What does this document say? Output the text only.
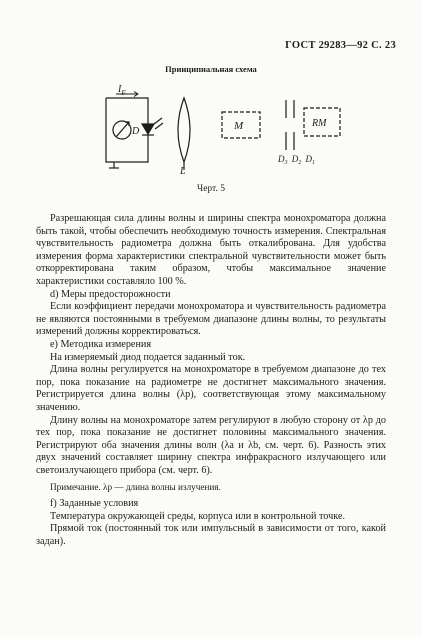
ГОСТ 29283—92 С. 23
Принципиальная схема
$I_F$
D
L
M	RM
$D_3$ $D_2$ $D_1$
Черт. 5

Разрешающая сила длины волны и ширины спектра монохроматора должна быть такой, чтобы обеспечить необходимую точность измерения. Спектральная чувствительность радиометра должна быть откалиброванa. Для удобства измерения форма характеристики спектральной чувствительности может быть откорректирована таким образом, чтобы максимальное значение характеристики составляло 100 %.

d) Меры предосторожности

Если коэффициент передачи монохроматора и чувствительность радиометра не являются постоянными в требуемом диапазоне длины волны, то результаты измерений должны корректироваться.

e) Методика измерения

На измеряемый диод подается заданный ток.

Длина волны регулируется на монохроматоре в требуемом диапазоне до тех пор, пока показание на радиометре не достигнет максимального значения. Регистрируется длина волны (λp), соответствующая этому максимальному значению.

Длину волны на монохроматоре затем регулируют в любую сторону от λp до тех пор, пока показание не достигнет половины максимального значения. Регистрируют оба значения длины волн (λa и λb, см. черт. 6). Разность этих двух значений составляет ширину спектра инфракрасного излучающего или светоизлучающего прибора (см. черт. 6).

Примечание. λp — длина волны излучения.

f) Заданные условия

Температура окружающей среды, корпуса или в контрольной точке.

Прямой ток (постоянный ток или импульсный в зависимости от того, какой задан).
